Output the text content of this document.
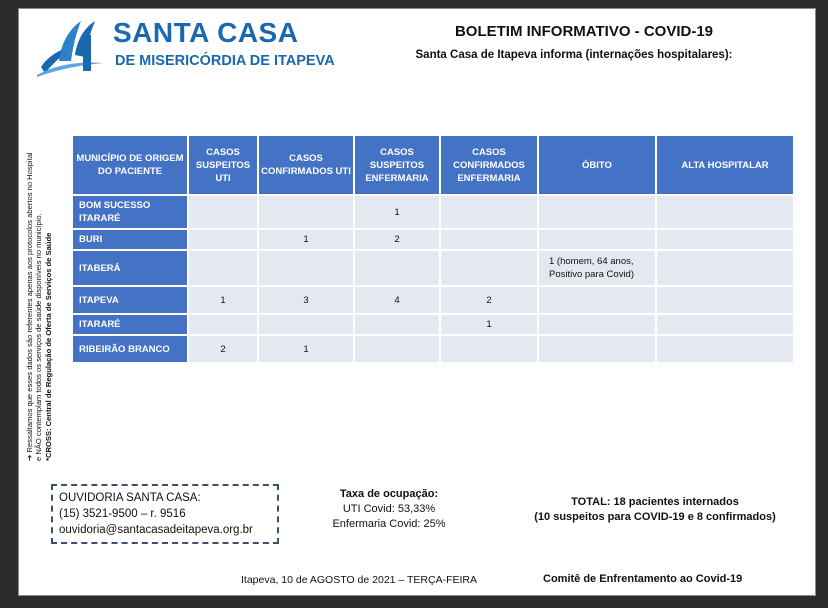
SANTA CASA
DE MISERICÓRDIA DE ITAPEVA
BOLETIM INFORMATIVO - COVID-19
Santa Casa de Itapeva informa (internações hospitalares):
➔ Ressaltamos que esses dados são referentes apenas aos protocolos abertos no Hospital e NÃO contemplam todos os serviços de saúde disponíveis no município. *CROSS: Central de Regulação de Oferta de Serviços de Saúde
MUNICÍPIO DE ORIGEM DO PACIENTE	CASOS SUSPEITOS UTI	CASOS CONFIRMADOS UTI	CASOS SUSPEITOS ENFERMARIA	CASOS CONFIRMADOS ENFERMARIA	ÓBITO	ALTA HOSPITALAR
BOM SUCESSO ITARARÉ			1			
BURI		1	2			
ITABERÁ					1 (homem, 64 anos, Positivo para Covid)	
ITAPEVA	1	3	4	2		
ITARARÉ				1		
RIBEIRÃO BRANCO	2	1				
OUVIDORIA SANTA CASA:
(15) 3521-9500 – r. 9516
ouvidoria@santacasadeitapeva.org.br
Taxa de ocupação:
UTI Covid: 53,33%
Enfermaria Covid: 25%
TOTAL: 18 pacientes internados
(10 suspeitos para COVID-19 e 8 confirmados)
Itapeva, 10 de AGOSTO de 2021 – TERÇA-FEIRA	Comitê de Enfrentamento ao Covid-19
